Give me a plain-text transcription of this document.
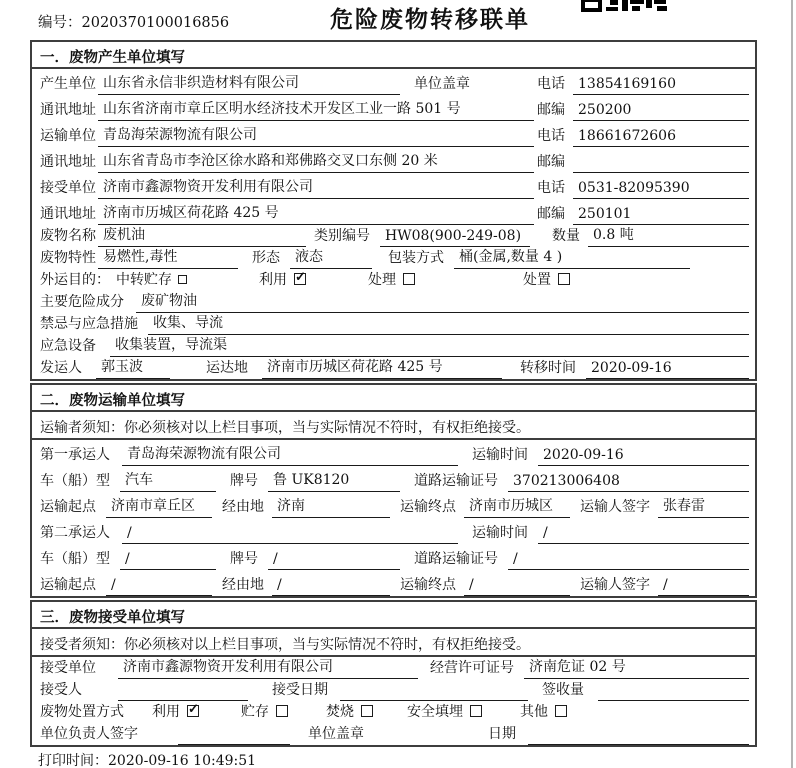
编号：2020370100016856	危险废物转移联单
一．废物产生单位填写
产生单位 山东省永信非织造材料有限公司	单位盖章	电话 13854169160
通讯地址 山东省济南市章丘区明水经济技术开发区工业一路 501 号	邮编 250200
运输单位 青岛海荣源物流有限公司	电话 18661672606
通讯地址 山东省青岛市李沧区徐水路和郑佛路交叉口东侧 20 米	邮编
接受单位 济南市鑫源物资开发利用有限公司	电话 0531-82095390
通讯地址 济南市历城区荷花路 425 号	邮编 250101
废物名称 废机油	类别编号	HW08(900-249-08)	数量 0.8 吨
废物特性 易燃性,毒性	形态	液态	包装方式	桶(金属,数量 4 )
外运目的： 中转贮存	利用 ✓	处理	处置
主要危险成分	废矿物油
禁忌与应急措施	收集、导流
应急设备	收集装置，导流渠
发运人	郭玉波	运达地	济南市历城区荷花路 425 号	转移时间	2020-09-16
二．废物运输单位填写
运输者须知：你必须核对以上栏目事项，当与实际情况不符时，有权拒绝接受。
第一承运人	青岛海荣源物流有限公司	运输时间	2020-09-16
车（船）型	汽车	牌号	鲁 UK8120	道路运输证号	370213006408
运输起点	济南市章丘区	经由地 济南	运输终点 济南市历城区	运输人签字 张春雷
第二承运人	/	运输时间	/
车（船）型	/	牌号	/	道路运输证号	/
运输起点	/	经由地 /	运输终点 /	运输人签字 /
三．废物接受单位填写
接受者须知：你必须核对以上栏目事项，当与实际情况不符时，有权拒绝接受。
接受单位	济南市鑫源物资开发利用有限公司	经营许可证号	济南危证 02 号
接受人	接受日期	签收量
废物处置方式 利用 ✓	贮存	焚烧	安全填埋	其他
单位负责人签字	单位盖章	日期
打印时间：2020-09-16 10:49:51
